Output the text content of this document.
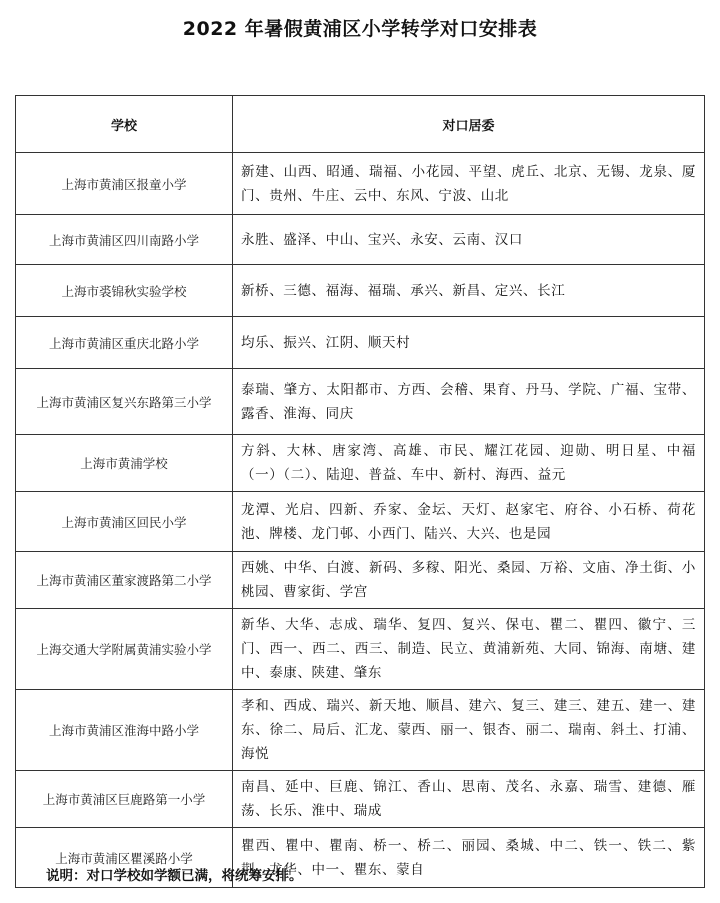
2022 年暑假黄浦区小学转学对口安排表
学校	对口居委
上海市黄浦区报童小学	新建、山西、昭通、瑞福、小花园、平望、虎丘、北京、无锡、龙泉、厦门、贵州、牛庄、云中、东风、宁波、山北
上海市黄浦区四川南路小学	永胜、盛泽、中山、宝兴、永安、云南、汉口
上海市裘锦秋实验学校	新桥、三德、福海、福瑞、承兴、新昌、定兴、长江
上海市黄浦区重庆北路小学	均乐、振兴、江阴、顺天村
上海市黄浦区复兴东路第三小学	泰瑞、肇方、太阳都市、方西、会稽、果育、丹马、学院、广福、宝带、露香、淮海、同庆
上海市黄浦学校	方斜、大林、唐家湾、高雄、市民、耀江花园、迎勋、明日星、中福（一）（二）、陆迎、普益、车中、新村、海西、益元
上海市黄浦区回民小学	龙潭、光启、四新、乔家、金坛、天灯、赵家宅、府谷、小石桥、荷花池、牌楼、龙门邨、小西门、陆兴、大兴、也是园
上海市黄浦区董家渡路第二小学	西姚、中华、白渡、新码、多稼、阳光、桑园、万裕、文庙、净土街、小桃园、曹家街、学宫
上海交通大学附属黄浦实验小学	新华、大华、志成、瑞华、复四、复兴、保屯、瞿二、瞿四、徽宁、三门、西一、西二、西三、制造、民立、黄浦新苑、大同、锦海、南塘、建中、泰康、陕建、肇东
上海市黄浦区淮海中路小学	孝和、西成、瑞兴、新天地、顺昌、建六、复三、建三、建五、建一、建东、徐二、局后、汇龙、蒙西、丽一、银杏、丽二、瑞南、斜土、打浦、海悦
上海市黄浦区巨鹿路第一小学	南昌、延中、巨鹿、锦江、香山、思南、茂名、永嘉、瑞雪、建德、雁荡、长乐、淮中、瑞成
上海市黄浦区瞿溪路小学	瞿西、瞿中、瞿南、桥一、桥二、丽园、桑城、中二、铁一、铁二、紫荆、龙华、中一、瞿东、蒙自
说明：对口学校如学额已满，将统筹安排。
